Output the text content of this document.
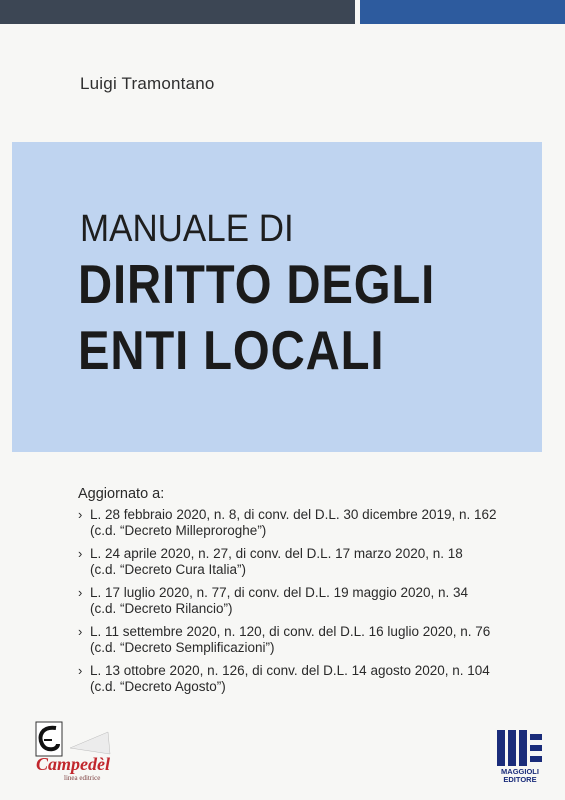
Luigi Tramontano
MANUALE DI
DIRITTO DEGLI
ENTI LOCALI
Aggiornato a:
› L. 28 febbraio 2020, n. 8, di conv. del D.L. 30 dicembre 2019, n. 162
(c.d. “Decreto Milleproroghe”)
› L. 24 aprile 2020, n. 27, di conv. del D.L. 17 marzo 2020, n. 18
(c.d. “Decreto Cura Italia”)
› L. 17 luglio 2020, n. 77, di conv. del D.L. 19 maggio 2020, n. 34
(c.d. “Decreto Rilancio”)
› L. 11 settembre 2020, n. 120, di conv. del D.L. 16 luglio 2020, n. 76
(c.d. “Decreto Semplificazioni”)
› L. 13 ottobre 2020, n. 126, di conv. del D.L. 14 agosto 2020, n. 104
(c.d. “Decreto Agosto”)
Campedèl
linea editrice
MAGGIOLI EDITORE
